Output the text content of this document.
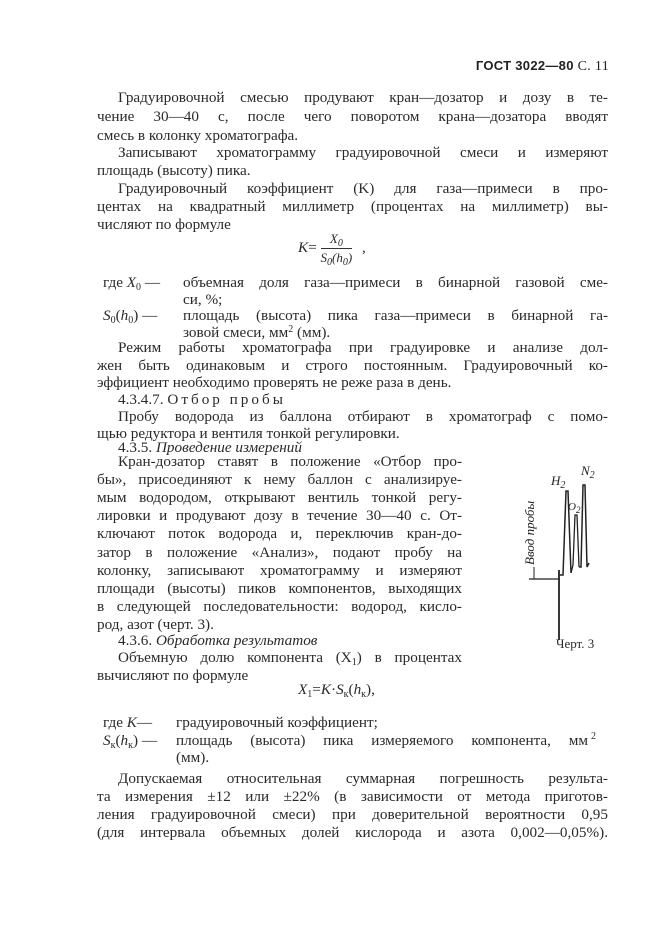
ГОСТ 3022—80 С. 11
Градуировочной смесью продувают кран—дозатор и дозу в те-
чение 30—40 с, после чего поворотом крана—дозатора вводят
смесь в колонку хроматографа.
Записывают хроматограмму градуировочной смеси и измеряют
площадь (высоту) пика.
Градуировочный коэффициент (K) для газа—примеси в про-
центах на квадратный миллиметр (процентах на миллиметр) вы-
числяют по формуле
$K= \frac{X_0}{S_0(h_0)}$ ,
где $X_0$ — объемная доля газа—примеси в бинарной газовой сме-
си, %;
$S_0(h_0)$ — площадь (высота) пика газа—примеси в бинарной га-
зовой смеси, $мм^2$ (мм).
Режим работы хроматографа при градуировке и анализе дол-
жен быть одинаковым и строго постоянным. Градуировочный ко-
эффициент необходимо проверять не реже раза в день.
4.3.4.7. Отбор пробы
Пробу водорода из баллона отбирают в хроматограф с помо-
щью редуктора и вентиля тонкой регулировки.
4.3.5. Проведение измерений
Кран-дозатор ставят в положение «Отбор про-
бы», присоединяют к нему баллон с анализируе-
мым водородом, открывают вентиль тонкой регу-
лировки и продувают дозу в течение 30—40 с. От-
ключают поток водорода и, переключив кран-до-
затор в положение «Анализ», подают пробу на
колонку, записывают хроматограмму и измеряют
площади (высоты) пиков компонентов, выходящих
в следующей последовательности: водород, кисло-
род, азот (черт. 3).
4.3.6. Обработка результатов
Объемную долю компонента $(X_1)$ в процентах
вычисляют по формуле
Ввод пробы
$H_2$
$O_2$
$N_2$
Черт. 3
$X_1=K\cdot S_к(h_к)$,
где K— градуировочный коэффициент;
$S_к(h_к)$ — площадь (высота) пика измеряемого компонента, мм 2
(мм).
Допускаемая относительная суммарная погрешность результа-
та измерения ±12 или ±22% (в зависимости от метода приготов-
ления градуировочной смеси) при доверительной вероятности 0,95
(для интервала объемных долей кислорода и азота 0,002—0,05%).
